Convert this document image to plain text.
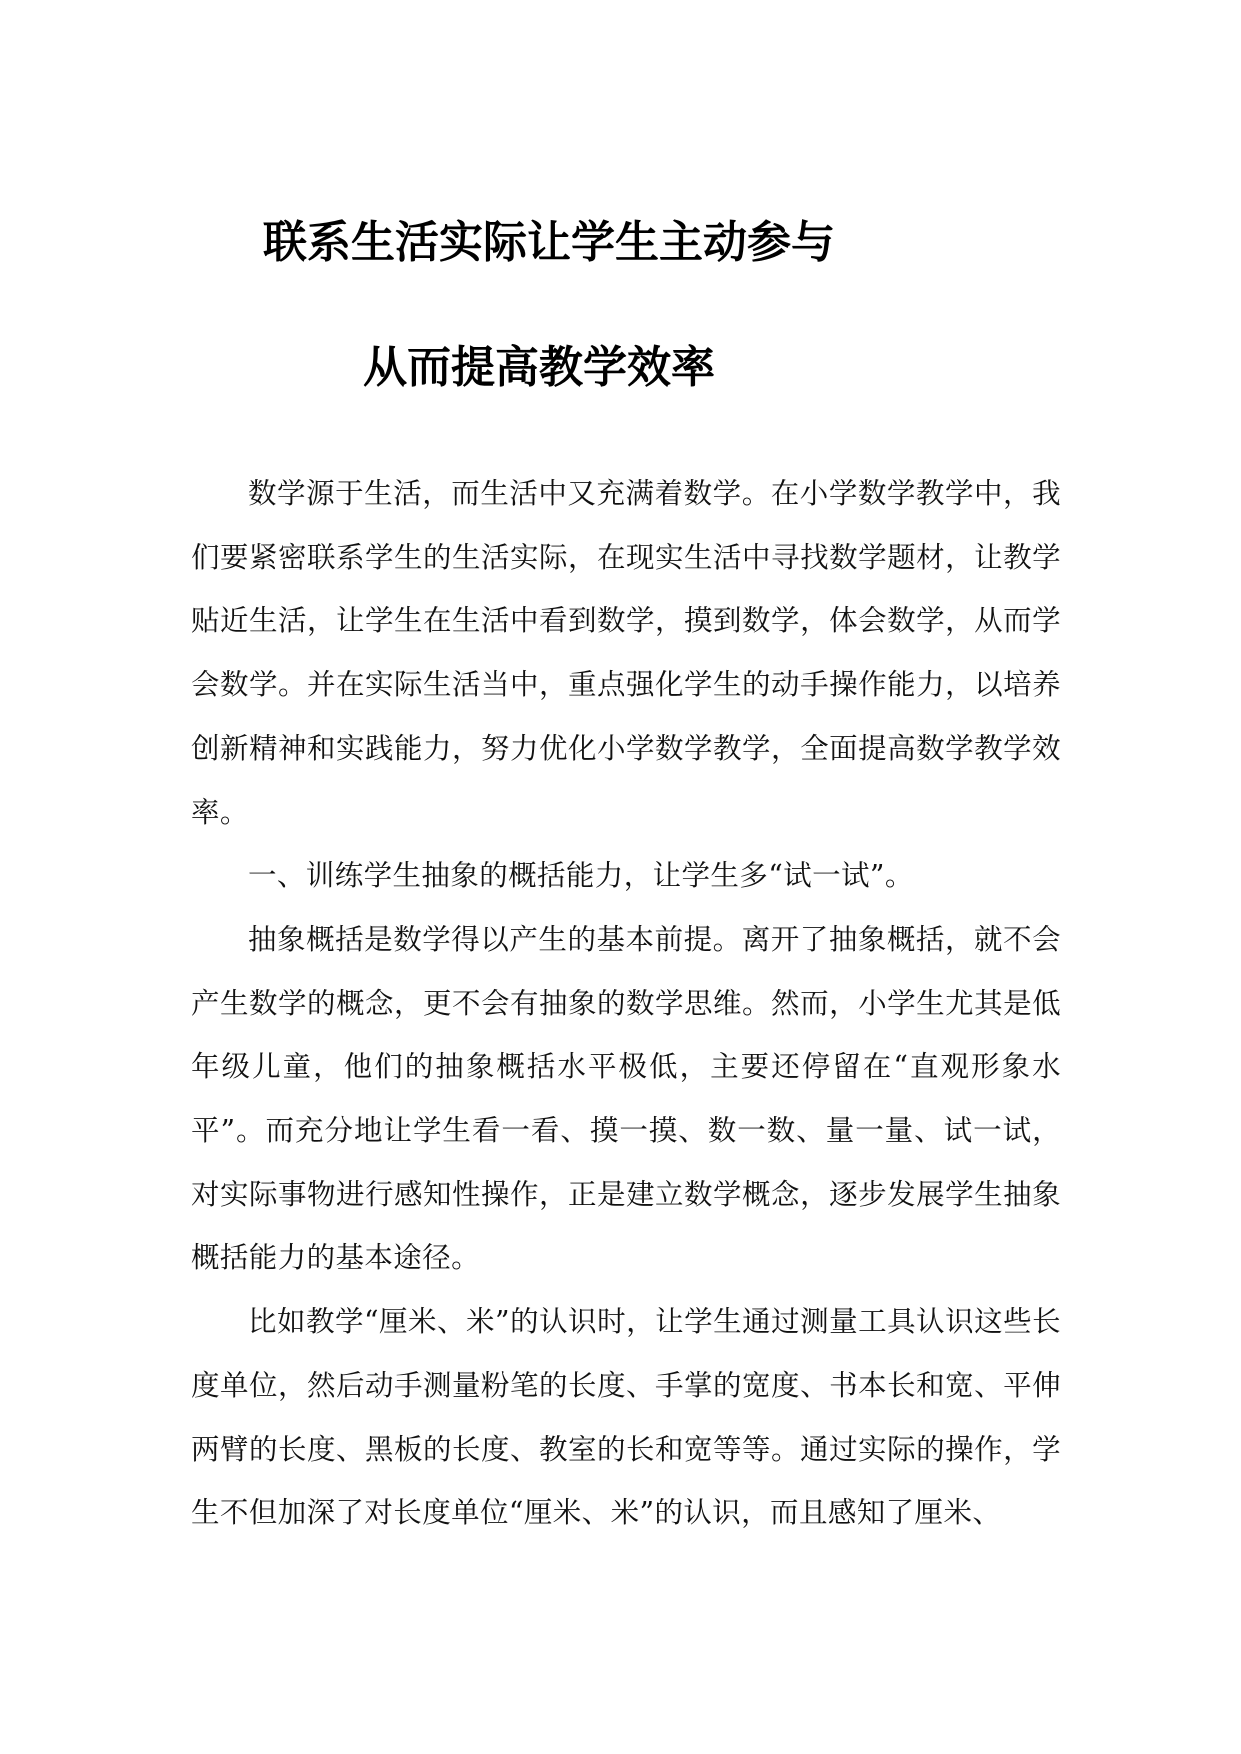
联系生活实际让学生主动参与
从而提高教学效率

数学源于生活，而生活中又充满着数学。在小学数学教学中，我们要紧密联系学生的生活实际，在现实生活中寻找数学题材，让教学贴近生活，让学生在生活中看到数学，摸到数学，体会数学，从而学会数学。并在实际生活当中，重点强化学生的动手操作能力，以培养创新精神和实践能力，努力优化小学数学教学，全面提高数学教学效率。

一、训练学生抽象的概括能力，让学生多“试一试”。

抽象概括是数学得以产生的基本前提。离开了抽象概括，就不会产生数学的概念，更不会有抽象的数学思维。然而，小学生尤其是低年级儿童，他们的抽象概括水平极低，主要还停留在“直观形象水平”。而充分地让学生看一看、摸一摸、数一数、量一量、试一试，对实际事物进行感知性操作，正是建立数学概念，逐步发展学生抽象概括能力的基本途径。

比如教学“厘米、米”的认识时，让学生通过测量工具认识这些长度单位，然后动手测量粉笔的长度、手掌的宽度、书本长和宽、平伸两臂的长度、黑板的长度、教室的长和宽等等。通过实际的操作，学生不但加深了对长度单位“厘米、米”的认识，而且感知了厘米、
